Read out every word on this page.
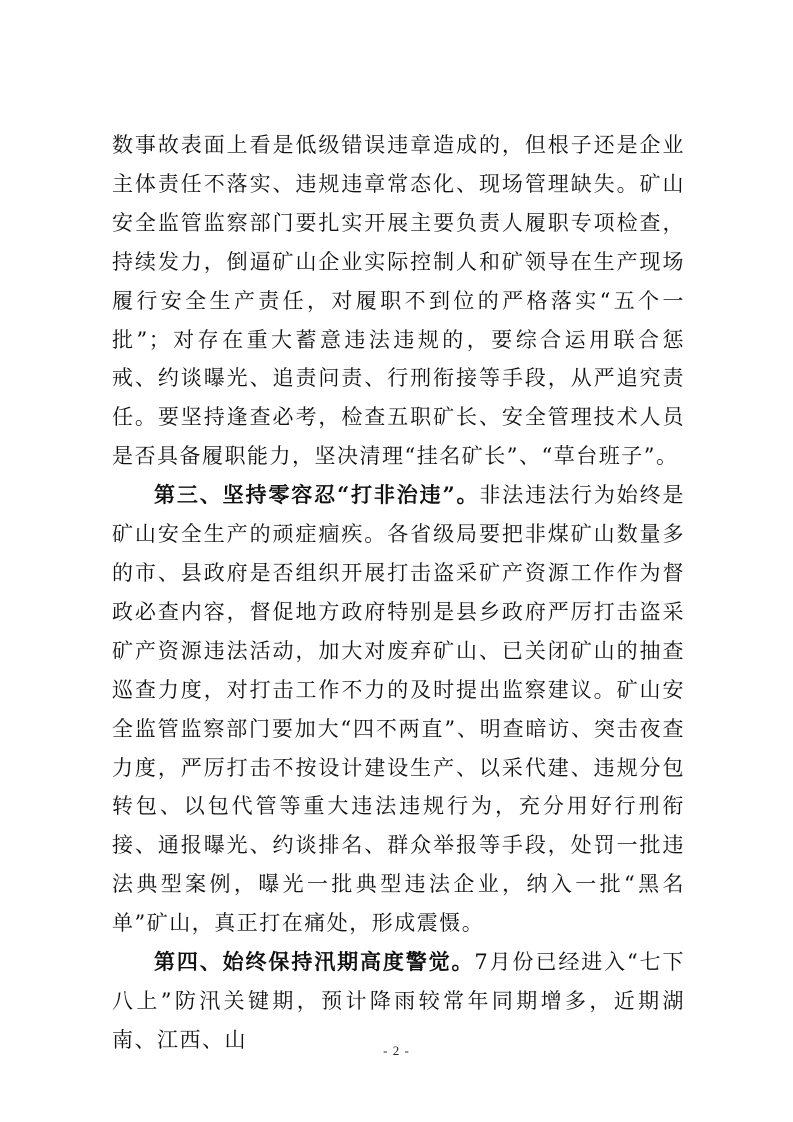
数事故表面上看是低级错误违章造成的，但根子还是企业主体责任不落实、违规违章常态化、现场管理缺失。矿山安全监管监察部门要扎实开展主要负责人履职专项检查，持续发力，倒逼矿山企业实际控制人和矿领导在生产现场履行安全生产责任，对履职不到位的严格落实“五个一批”；对存在重大蓄意违法违规的，要综合运用联合惩戒、约谈曝光、追责问责、行刑衔接等手段，从严追究责任。要坚持逢查必考，检查五职矿长、安全管理技术人员是否具备履职能力，坚决清理“挂名矿长”、“草台班子”。

第三、坚持零容忍“打非治违”。非法违法行为始终是矿山安全生产的顽症痼疾。各省级局要把非煤矿山数量多的市、县政府是否组织开展打击盗采矿产资源工作作为督政必查内容，督促地方政府特别是县乡政府严厉打击盗采矿产资源违法活动，加大对废弃矿山、已关闭矿山的抽查巡查力度，对打击工作不力的及时提出监察建议。矿山安全监管监察部门要加大“四不两直”、明查暗访、突击夜查力度，严厉打击不按设计建设生产、以采代建、违规分包转包、以包代管等重大违法违规行为，充分用好行刑衔接、通报曝光、约谈排名、群众举报等手段，处罚一批违法典型案例，曝光一批典型违法企业，纳入一批“黑名单”矿山，真正打在痛处，形成震慑。

第四、始终保持汛期高度警觉。7月份已经进入“七下八上”防汛关键期，预计降雨较常年同期增多，近期湖南、江西、山	- 2 -
